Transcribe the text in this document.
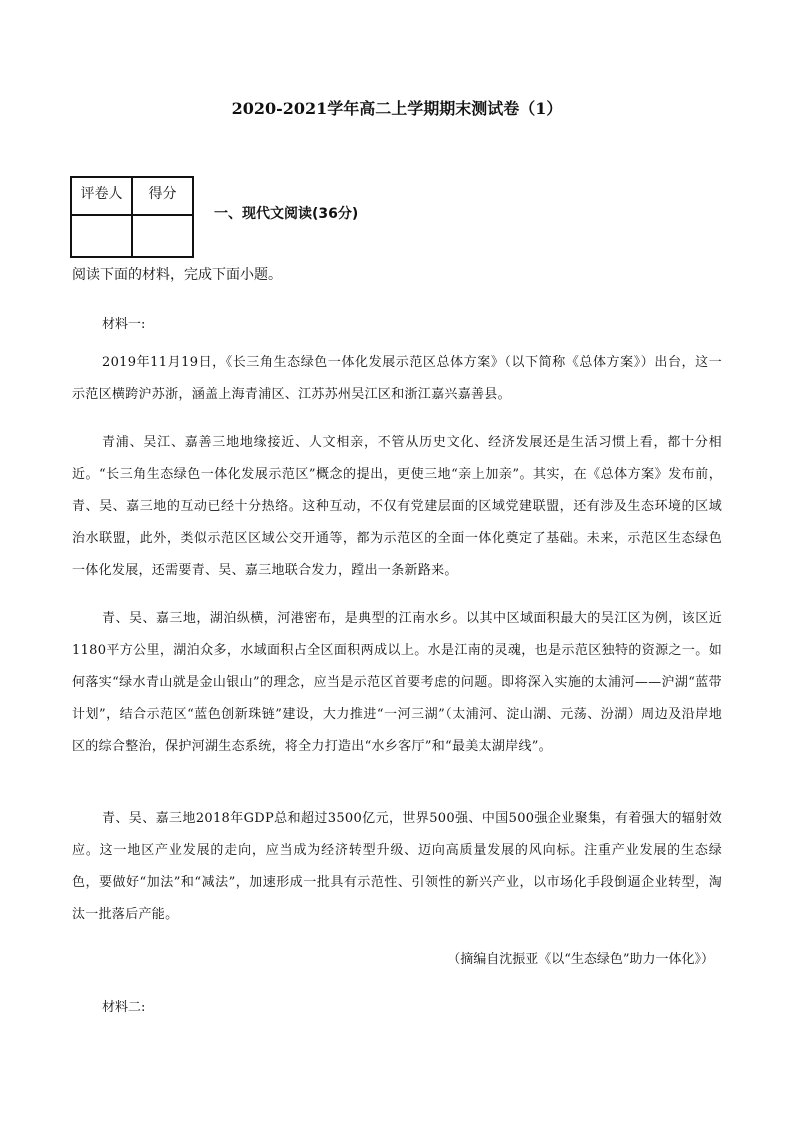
2020-2021学年高二上学期期末测试卷（1）
评卷人	得分

一、现代文阅读(36分)
阅读下面的材料，完成下面小题。
材料一:
2019年11月19日，《长三角生态绿色一体化发展示范区总体方案》（以下简称《总体方案》）出台，这一示范区横跨沪苏浙，涵盖上海青浦区、江苏苏州吴江区和浙江嘉兴嘉善县。
青浦、吴江、嘉善三地地缘接近、人文相亲，不管从历史文化、经济发展还是生活习惯上看，都十分相近。“长三角生态绿色一体化发展示范区”概念的提出，更使三地“亲上加亲”。其实，在《总体方案》发布前，青、吴、嘉三地的互动已经十分热络。这种互动，不仅有党建层面的区域党建联盟，还有涉及生态环境的区域治水联盟，此外，类似示范区区域公交开通等，都为示范区的全面一体化奠定了基础。未来，示范区生态绿色一体化发展，还需要青、吴、嘉三地联合发力，蹚出一条新路来。
青、吴、嘉三地，湖泊纵横，河港密布，是典型的江南水乡。以其中区域面积最大的吴江区为例，该区近1180平方公里，湖泊众多，水域面积占全区面积两成以上。水是江南的灵魂，也是示范区独特的资源之一。如何落实“绿水青山就是金山银山”的理念，应当是示范区首要考虑的问题。即将深入实施的太浦河——沪湖“蓝带计划”，结合示范区“蓝色创新珠链”建设，大力推进“一河三湖”（太浦河、淀山湖、元荡、汾湖）周边及沿岸地区的综合整治，保护河湖生态系统，将全力打造出“水乡客厅”和“最美太湖岸线”。
青、吴、嘉三地2018年GDP总和超过3500亿元，世界500强、中国500强企业聚集，有着强大的辐射效应。这一地区产业发展的走向，应当成为经济转型升级、迈向高质量发展的风向标。注重产业发展的生态绿色，要做好“加法”和“减法”，加速形成一批具有示范性、引领性的新兴产业，以市场化手段倒逼企业转型，淘汰一批落后产能。
（摘编自沈振亚《以“生态绿色”助力一体化》）
材料二:
